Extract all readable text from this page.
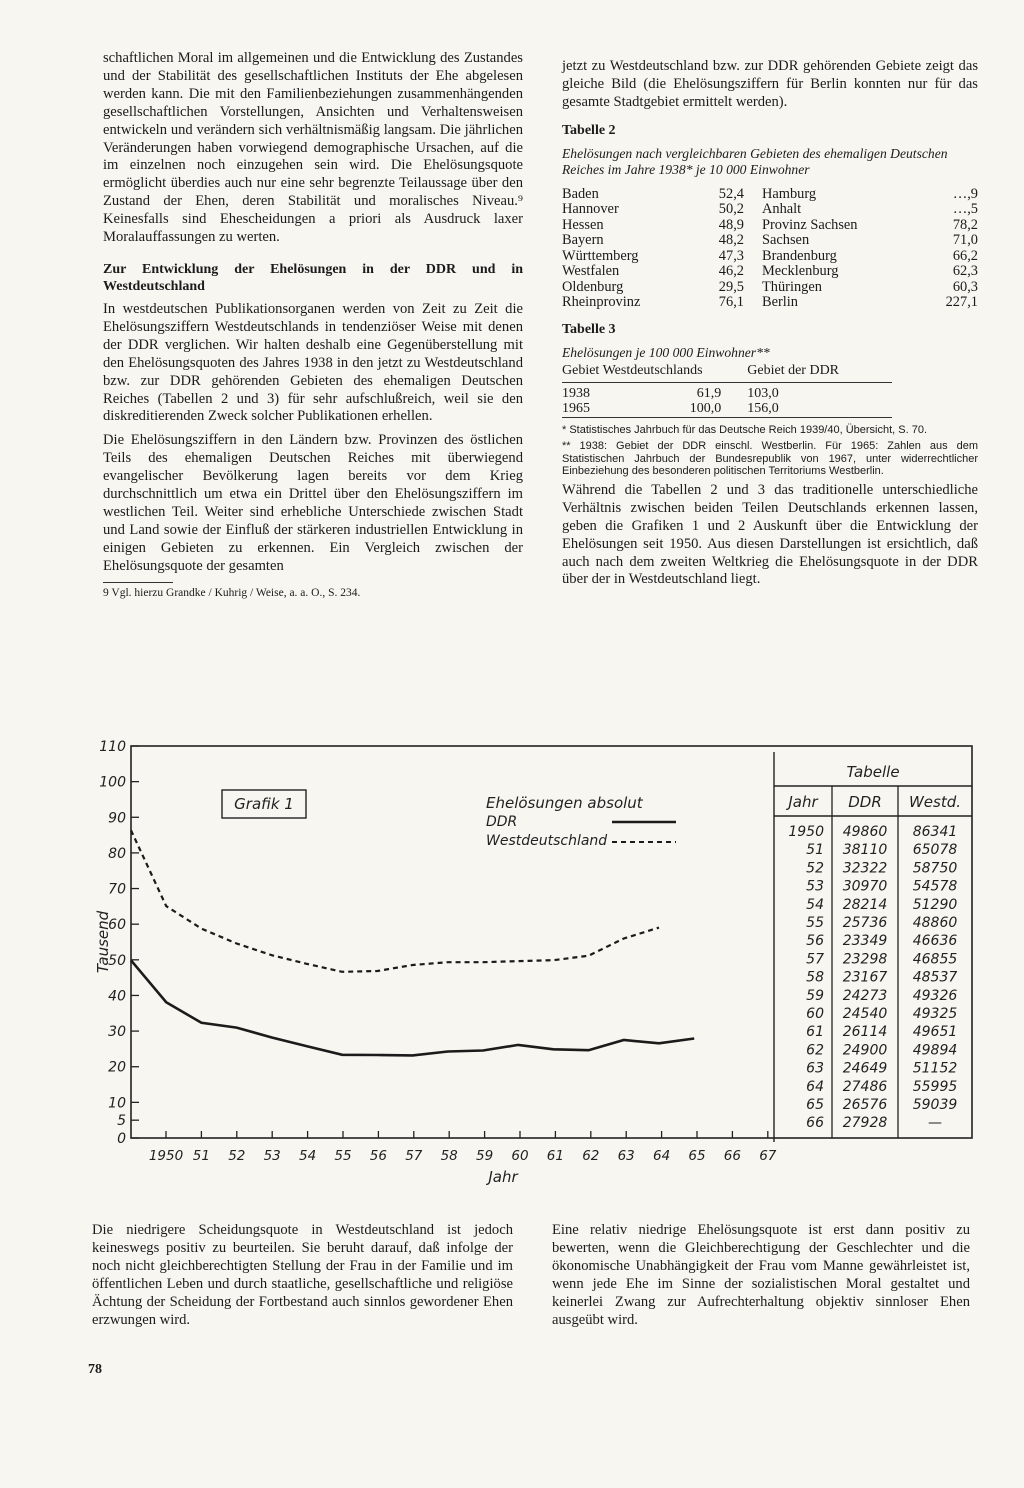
schaftlichen Moral im allgemeinen und die Entwicklung des Zustandes und der Stabilität des gesellschaftlichen Instituts der Ehe abgelesen werden kann. Die mit den Familienbeziehungen zusammenhängenden gesellschaftlichen Vorstellungen, Ansichten und Verhaltensweisen entwickeln und verändern sich verhältnismäßig langsam. Die jährlichen Veränderungen haben vorwiegend demographische Ursachen, auf die im einzelnen noch einzugehen sein wird. Die Ehelösungsquote ermöglicht überdies auch nur eine sehr begrenzte Teilaussage über den Zustand der Ehen, deren Stabilität und moralisches Niveau.⁹ Keinesfalls sind Ehescheidungen a priori als Ausdruck laxer Moralauffassungen zu werten.

Zur Entwicklung der Ehelösungen in der DDR und in Westdeutschland

In westdeutschen Publikationsorganen werden von Zeit zu Zeit die Ehelösungsziffern Westdeutschlands in tendenziöser Weise mit denen der DDR verglichen. Wir halten deshalb eine Gegenüberstellung mit den Ehelösungsquoten des Jahres 1938 in den jetzt zu Westdeutschland bzw. zur DDR gehörenden Gebieten des ehemaligen Deutschen Reiches (Tabellen 2 und 3) für sehr aufschlußreich, weil sie den diskreditierenden Zweck solcher Publikationen erhellen.

Die Ehelösungsziffern in den Ländern bzw. Provinzen des östlichen Teils des ehemaligen Deutschen Reiches mit überwiegend evangelischer Bevölkerung lagen bereits vor dem Krieg durchschnittlich um etwa ein Drittel über den Ehelösungsziffern im westlichen Teil. Weiter sind erhebliche Unterschiede zwischen Stadt und Land sowie der Einfluß der stärkeren industriellen Entwicklung in einigen Gebieten zu erkennen. Ein Vergleich zwischen der Ehelösungsquote der gesamten

9 Vgl. hierzu Grandke / Kuhrig / Weise, a. a. O., S. 234.

jetzt zu Westdeutschland bzw. zur DDR gehörenden Gebiete zeigt das gleiche Bild (die Ehelösungsziffern für Berlin konnten nur für das gesamte Stadtgebiet ermittelt werden).

Tabelle 2
Ehelösungen nach vergleichbaren Gebieten des ehemaligen Deutschen Reiches im Jahre 1938* je 10 000 Einwohner
Baden	52,4	Hamburg	…,9
Hannover	50,2	Anhalt	…,5
Hessen	48,9	Provinz Sachsen	78,2
Bayern	48,2	Sachsen	71,0
Württemberg	47,3	Brandenburg	66,2
Westfalen	46,2	Mecklenburg	62,3
Oldenburg	29,5	Thüringen	60,3
Rheinprovinz	76,1	Berlin	227,1
Tabelle 3
Ehelösungen je 100 000 Einwohner**
Gebiet Westdeutschlands		Gebiet der DDR
1938	61,9	103,0
1965	100,0	156,0

* Statistisches Jahrbuch für das Deutsche Reich 1939/40, Übersicht, S. 70.

** 1938: Gebiet der DDR einschl. Westberlin. Für 1965: Zahlen aus dem Statistischen Jahrbuch der Bundesrepublik von 1967, unter widerrechtlicher Einbeziehung des besonderen politischen Territoriums Westberlin.

Während die Tabellen 2 und 3 das traditionelle unterschiedliche Verhältnis zwischen beiden Teilen Deutschlands erkennen lassen, geben die Grafiken 1 und 2 Auskunft über die Entwicklung der Ehelösungen seit 1950. Aus diesen Darstellungen ist ersichtlich, daß auch nach dem zweiten Weltkrieg die Ehelösungsquote in der DDR über der in Westdeutschland liegt.

0
5
10
20
30
40
50
60
70
80
90
100
110
Tausend
1950 51 52 53 54 55 56 57 58 59 60 61 62 63 64 65 66 67
Jahr
Grafik 1	Ehelösungen absolut
DDR
Westdeutschland
Tabelle
Jahr DDR Westd.
1950 49860 86341
51 38110 65078
52 32322 58750
53 30970 54578
54 28214 51290
55 25736 48860
56 23349 46636
57 23298 46855
58 23167 48537
59 24273 49326
60 24540 49325
61 26114 49651
62 24900 49894
63 24649 51152
64 27486 55995
65 26576 59039
66 27928	—
Die niedrigere Scheidungsquote in Westdeutschland ist jedoch keineswegs positiv zu beurteilen. Sie beruht darauf, daß infolge der noch nicht gleichberechtigten Stellung der Frau in der Familie und im öffentlichen Leben und durch staatliche, gesellschaftliche und religiöse Ächtung der Scheidung der Fortbestand auch sinnlos gewordener Ehen erzwungen wird.
Eine relativ niedrige Ehelösungsquote ist erst dann positiv zu bewerten, wenn die Gleichberechtigung der Geschlechter und die ökonomische Unabhängigkeit der Frau vom Manne gewährleistet ist, wenn jede Ehe im Sinne der sozialistischen Moral gestaltet und keinerlei Zwang zur Aufrechterhaltung objektiv sinnloser Ehen ausgeübt wird.
78
